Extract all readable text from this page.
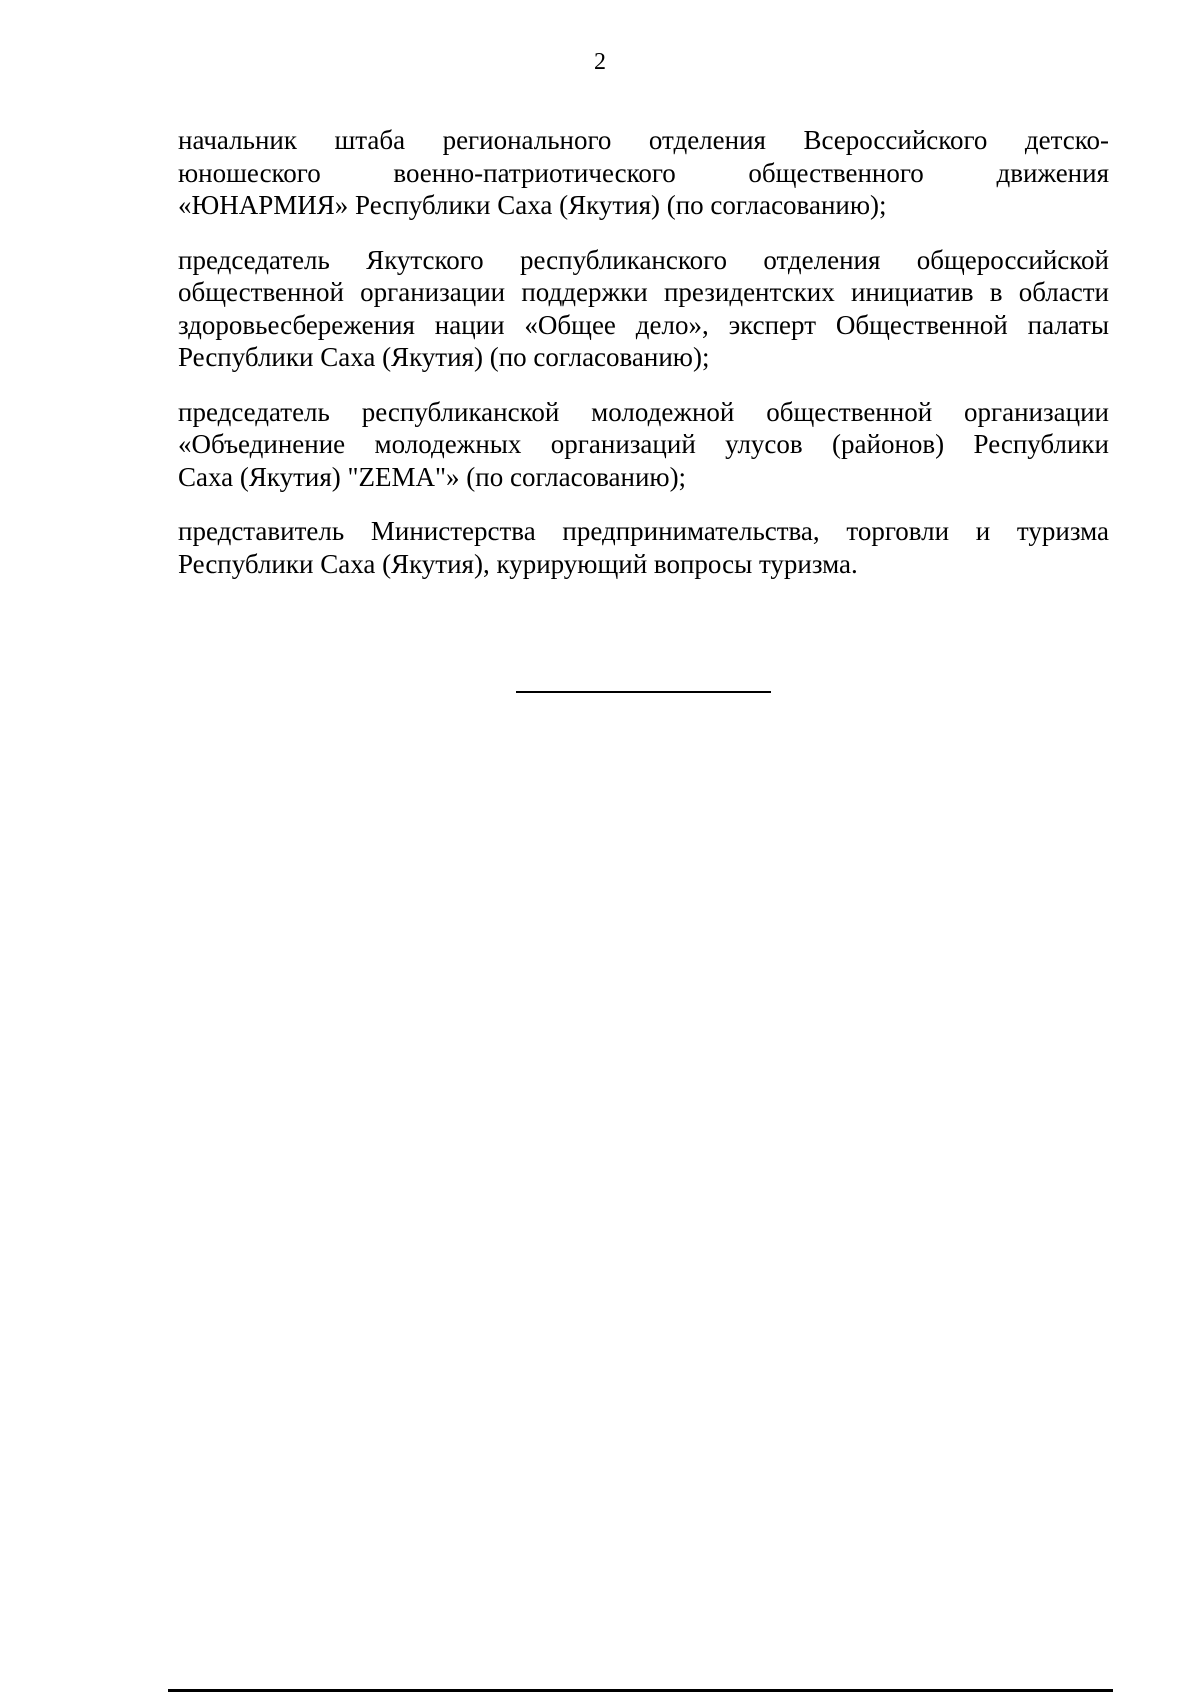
2

начальник штаба регионального отделения Всероссийского детско-
юношеского военно-патриотического общественного движения
«ЮНАРМИЯ» Республики Саха (Якутия) (по согласованию);

председатель Якутского республиканского отделения общероссийской
общественной организации поддержки президентских инициатив в области
здоровьесбережения нации «Общее дело», эксперт Общественной палаты
Республики Саха (Якутия) (по согласованию);

председатель республиканской молодежной общественной организации
«Объединение молодежных организаций улусов (районов) Республики
Саха (Якутия) "ZEMA"» (по согласованию);

представитель Министерства предпринимательства, торговли и туризма
Республики Саха (Якутия), курирующий вопросы туризма.
